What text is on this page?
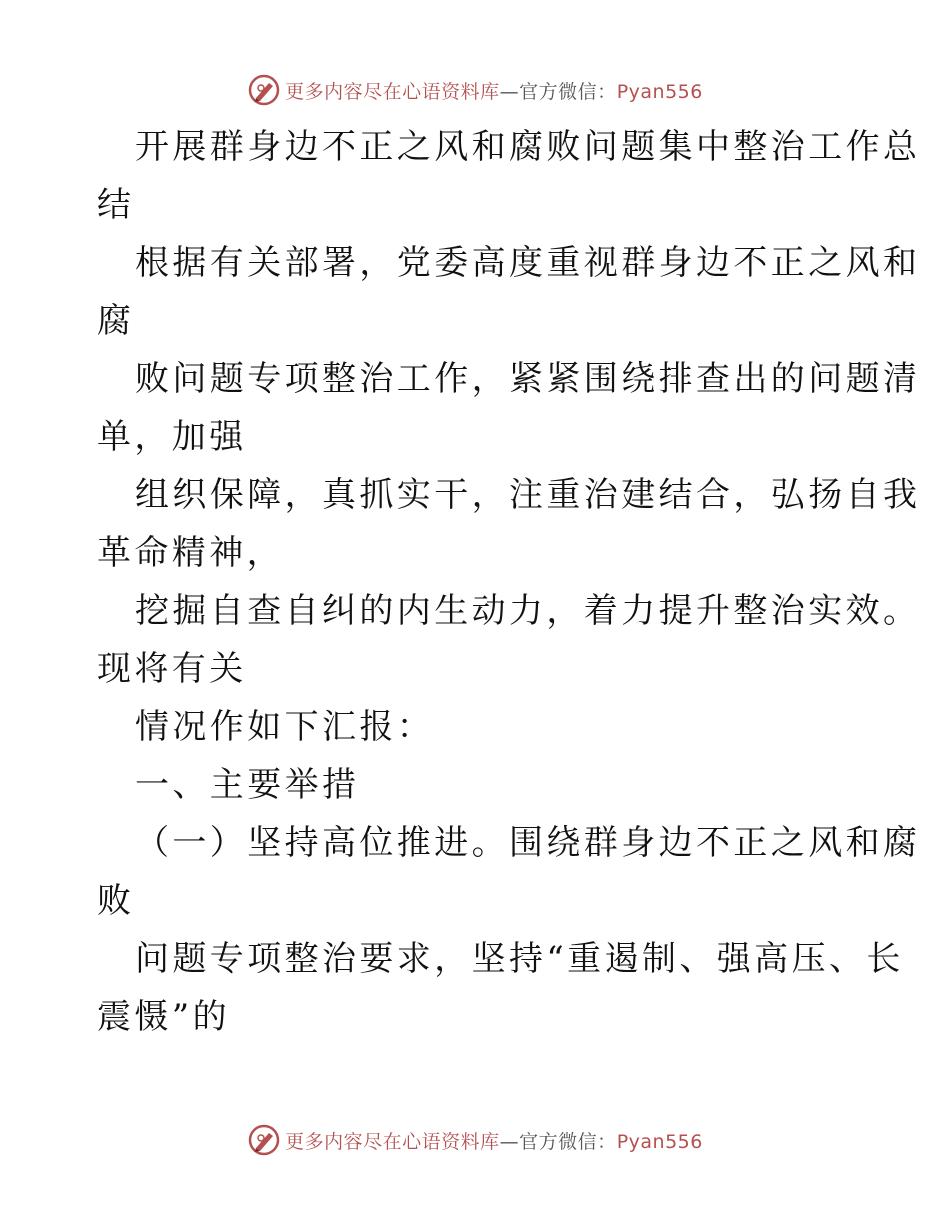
更多内容尽在心语资料库—官方微信：Pyan556
开展群身边不正之风和腐败问题集中整治工作总
结
根据有关部署，党委高度重视群身边不正之风和
腐
败问题专项整治工作，紧紧围绕排查出的问题清
单，加强
组织保障，真抓实干，注重治建结合，弘扬自我
革命精神，
挖掘自查自纠的内生动力，着力提升整治实效。
现将有关
情况作如下汇报：
一、主要举措
（一）坚持高位推进。围绕群身边不正之风和腐
败
问题专项整治要求，坚持“重遏制、强高压、长
震慑”的
更多内容尽在心语资料库—官方微信：Pyan556
